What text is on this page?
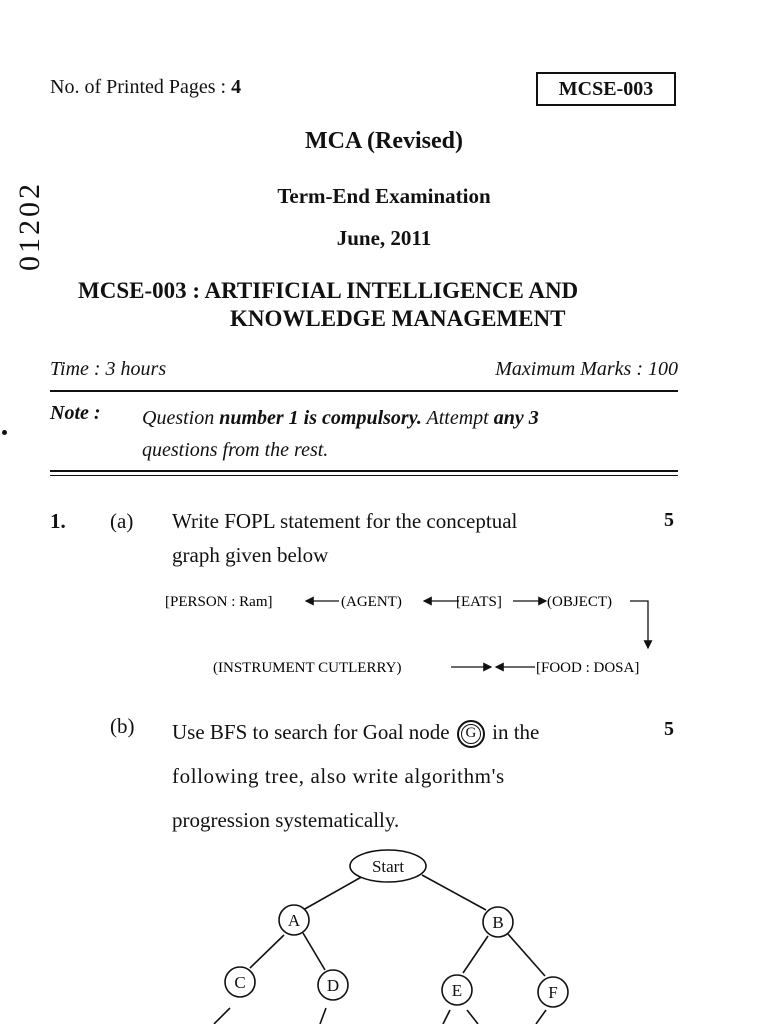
No. of Printed Pages : 4	MCSE-003
01202
MCA (Revised)
Term-End Examination
June, 2011
MCSE-003 : ARTIFICIAL INTELLIGENCE AND
KNOWLEDGE MANAGEMENT
Time : 3 hours	Maximum Marks : 100
Note : Question number 1 is compulsory. Attempt any 3
questions from the rest.
1. (a) Write FOPL statement for the conceptual
graph given below
5
[PERSON : Ram]	(AGENT)	[EATS]	(OBJECT)
(INSTRUMENT CUTLERRY)	[FOOD : DOSA]
(b) Use BFS to search for Goal node G in the
following tree, also write algorithm's
progression systematically.
5
Start
A	B
C	D	E	F
